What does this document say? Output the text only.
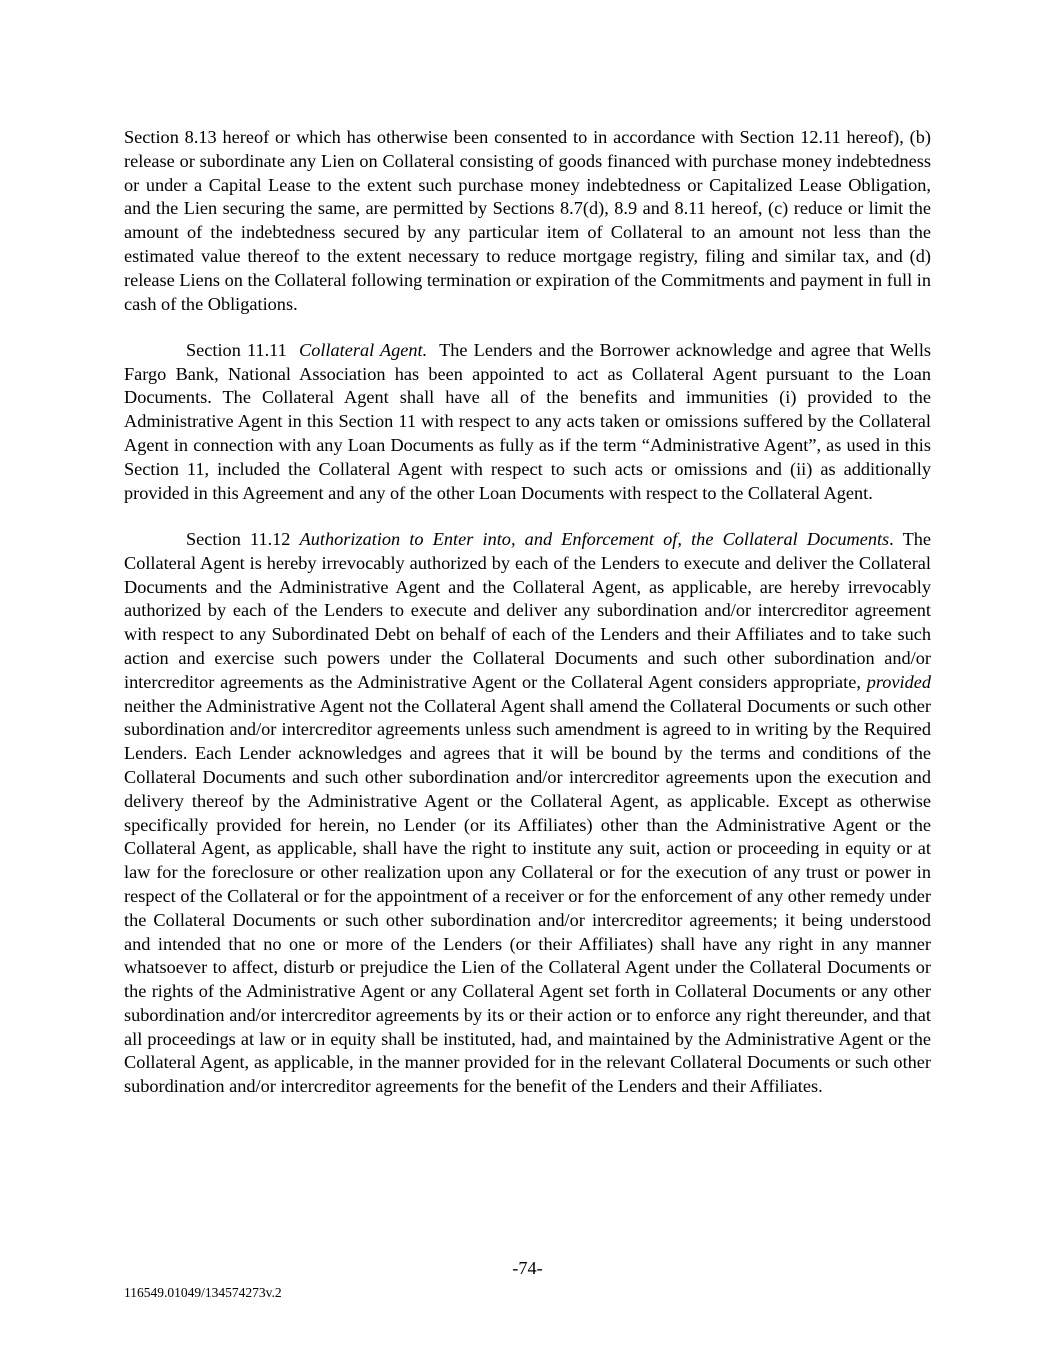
Section 8.13 hereof or which has otherwise been consented to in accordance with Section 12.11 hereof), (b) release or subordinate any Lien on Collateral consisting of goods financed with purchase money indebtedness or under a Capital Lease to the extent such purchase money indebtedness or Capitalized Lease Obligation, and the Lien securing the same, are permitted by Sections 8.7(d), 8.9 and 8.11 hereof, (c) reduce or limit the amount of the indebtedness secured by any particular item of Collateral to an amount not less than the estimated value thereof to the extent necessary to reduce mortgage registry, filing and similar tax, and (d) release Liens on the Collateral following termination or expiration of the Commitments and payment in full in cash of the Obligations.

Section 11.11 Collateral Agent. The Lenders and the Borrower acknowledge and agree that Wells Fargo Bank, National Association has been appointed to act as Collateral Agent pursuant to the Loan Documents. The Collateral Agent shall have all of the benefits and immunities (i) provided to the Administrative Agent in this Section 11 with respect to any acts taken or omissions suffered by the Collateral Agent in connection with any Loan Documents as fully as if the term “Administrative Agent”, as used in this Section 11, included the Collateral Agent with respect to such acts or omissions and (ii) as additionally provided in this Agreement and any of the other Loan Documents with respect to the Collateral Agent.

Section 11.12 Authorization to Enter into, and Enforcement of, the Collateral Documents. The Collateral Agent is hereby irrevocably authorized by each of the Lenders to execute and deliver the Collateral Documents and the Administrative Agent and the Collateral Agent, as applicable, are hereby irrevocably authorized by each of the Lenders to execute and deliver any subordination and/or intercreditor agreement with respect to any Subordinated Debt on behalf of each of the Lenders and their Affiliates and to take such action and exercise such powers under the Collateral Documents and such other subordination and/or intercreditor agreements as the Administrative Agent or the Collateral Agent considers appropriate, provided neither the Administrative Agent not the Collateral Agent shall amend the Collateral Documents or such other subordination and/or intercreditor agreements unless such amendment is agreed to in writing by the Required Lenders. Each Lender acknowledges and agrees that it will be bound by the terms and conditions of the Collateral Documents and such other subordination and/or intercreditor agreements upon the execution and delivery thereof by the Administrative Agent or the Collateral Agent, as applicable. Except as otherwise specifically provided for herein, no Lender (or its Affiliates) other than the Administrative Agent or the Collateral Agent, as applicable, shall have the right to institute any suit, action or proceeding in equity or at law for the foreclosure or other realization upon any Collateral or for the execution of any trust or power in respect of the Collateral or for the appointment of a receiver or for the enforcement of any other remedy under the Collateral Documents or such other subordination and/or intercreditor agreements; it being understood and intended that no one or more of the Lenders (or their Affiliates) shall have any right in any manner whatsoever to affect, disturb or prejudice the Lien of the Collateral Agent under the Collateral Documents or the rights of the Administrative Agent or any Collateral Agent set forth in Collateral Documents or any other subordination and/or intercreditor agreements by its or their action or to enforce any right thereunder, and that all proceedings at law or in equity shall be instituted, had, and maintained by the Administrative Agent or the Collateral Agent, as applicable, in the manner provided for in the relevant Collateral Documents or such other subordination and/or intercreditor agreements for the benefit of the Lenders and their Affiliates.

-74-
116549.01049/134574273v.2
